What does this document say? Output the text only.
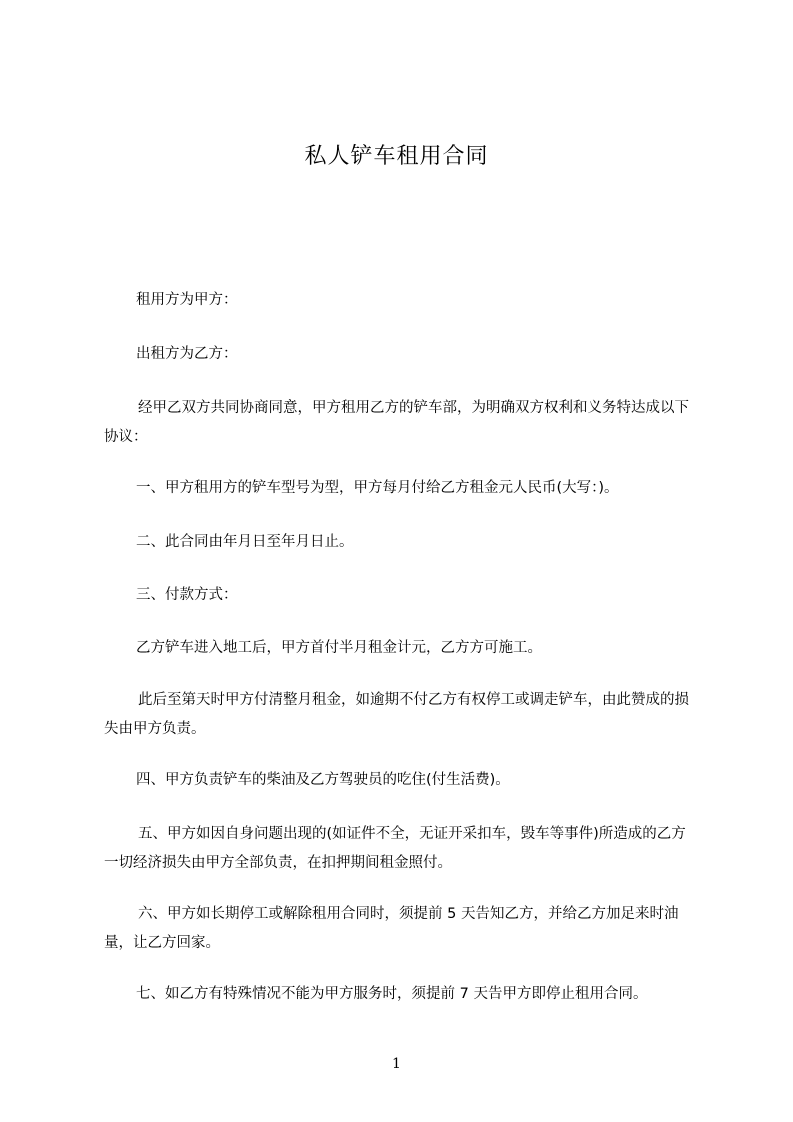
私人铲车租用合同
租用方为甲方：
出租方为乙方：
经甲乙双方共同协商同意，甲方租用乙方的铲车部，为明确双方权利和义务特达成以下协议：
一、甲方租用方的铲车型号为型，甲方每月付给乙方租金元人民币(大写：)。
二、此合同由年月日至年月日止。
三、付款方式：
乙方铲车进入地工后，甲方首付半月租金计元，乙方方可施工。
此后至第天时甲方付清整月租金，如逾期不付乙方有权停工或调走铲车，由此赞成的损失由甲方负责。
四、甲方负责铲车的柴油及乙方驾驶员的吃住(付生活费)。
五、甲方如因自身问题出现的(如证件不全，无证开采扣车，毁车等事件)所造成的乙方一切经济损失由甲方全部负责，在扣押期间租金照付。
六、甲方如长期停工或解除租用合同时，须提前 5 天告知乙方，并给乙方加足来时油量，让乙方回家。
七、如乙方有特殊情况不能为甲方服务时，须提前 7 天告甲方即停止租用合同。
1
